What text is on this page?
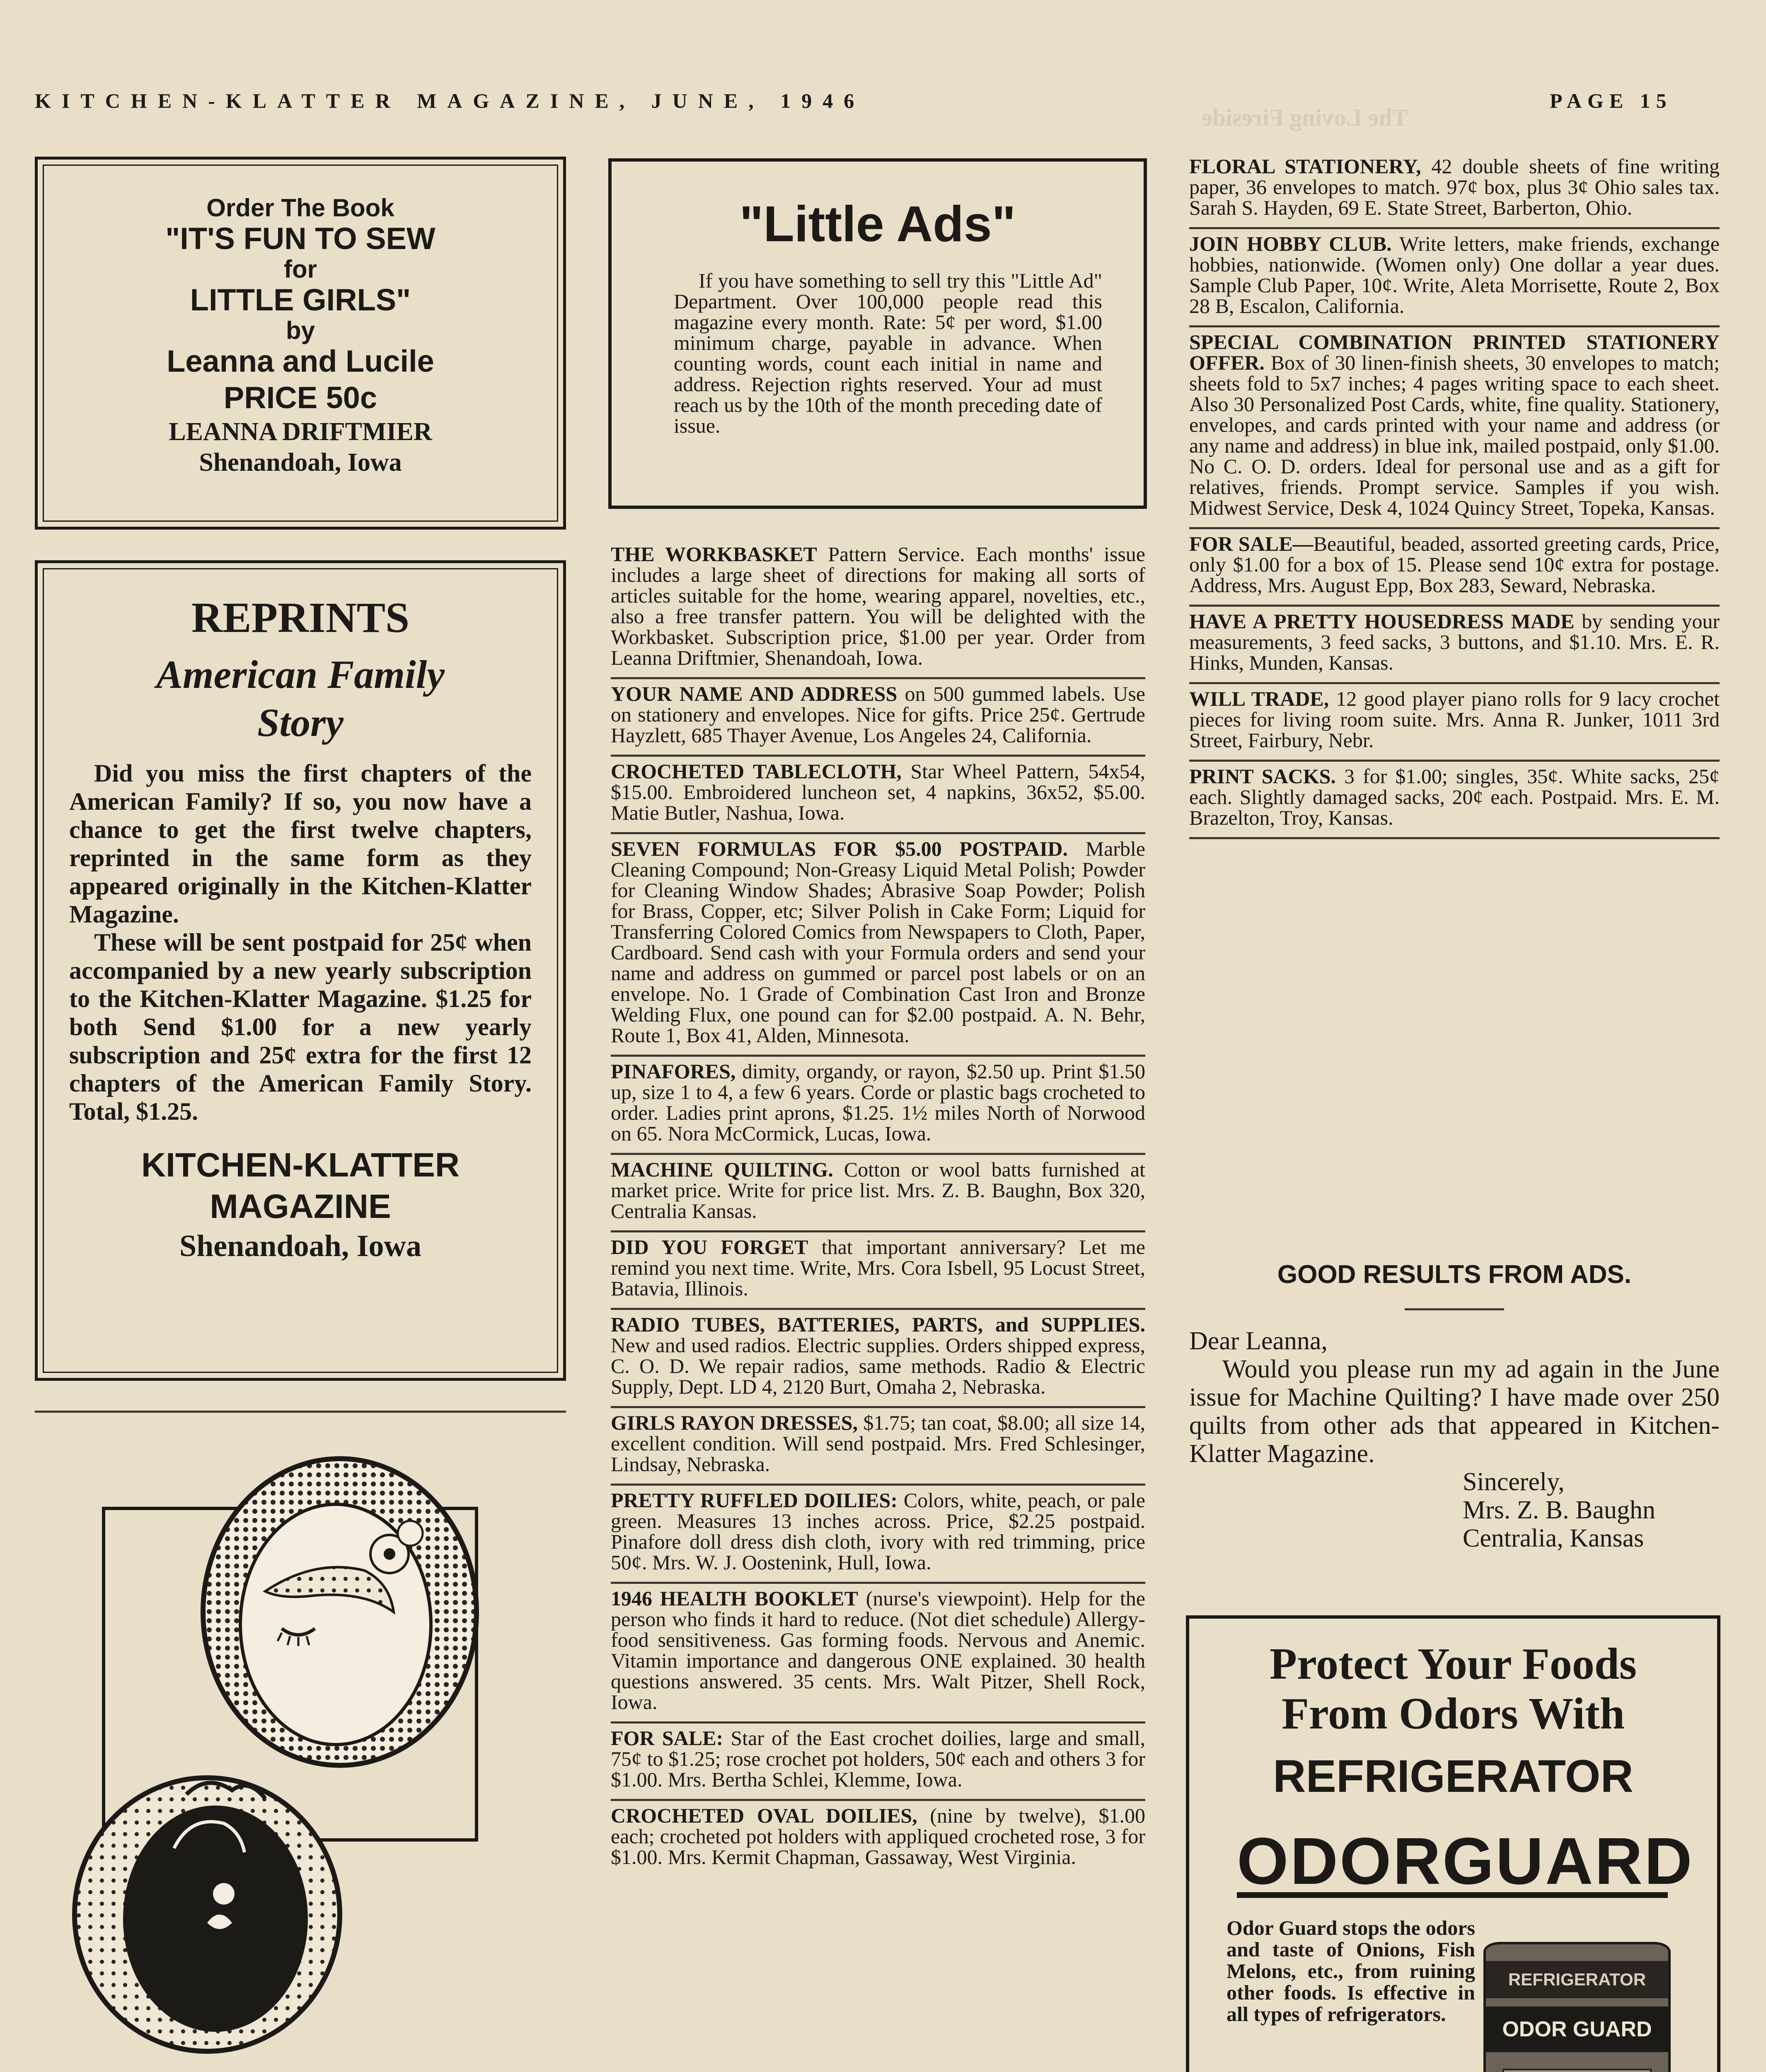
KITCHEN-KLATTER MAGAZINE, JUNE, 1946	PAGE 15
The Loving Fireside
Order The Book
"IT'S FUN TO SEW
for
LITTLE GIRLS"
by
Leanna and Lucile
PRICE 50c
LEANNA DRIFTMIER
Shenandoah, Iowa
REPRINTS
American Family
Story

Did you miss the first chapters of the American Family? If so, you now have a chance to get the first twelve chapters, reprinted in the same form as they appeared originally in the Kitchen-Klatter Magazine.

These will be sent postpaid for 25¢ when accompanied by a new yearly subscription to the Kitchen-Klatter Magazine. $1.25 for both Send $1.00 for a new yearly subscription and 25¢ extra for the first 12 chapters of the American Family Story. Total, $1.25.

KITCHEN-KLATTER
MAGAZINE
Shenandoah, Iowa

"Little Ads"

If you have something to sell try this "Little Ad" Department. Over 100,000 people read this magazine every month. Rate: 5¢ per word, $1.00 minimum charge, payable in advance. When counting words, count each initial in name and address. Rejection rights reserved. Your ad must reach us by the 10th of the month preceding date of issue.

THE WORKBASKET Pattern Service. Each months' issue includes a large sheet of directions for making all sorts of articles suitable for the home, wearing apparel, novelties, etc., also a free transfer pattern. You will be delighted with the Workbasket. Subscription price, $1.00 per year. Order from Leanna Driftmier, Shenandoah, Iowa.

YOUR NAME AND ADDRESS on 500 gummed labels. Use on stationery and envelopes. Nice for gifts. Price 25¢. Gertrude Hayzlett, 685 Thayer Avenue, Los Angeles 24, California.

CROCHETED TABLECLOTH, Star Wheel Pattern, 54x54, $15.00. Embroidered luncheon set, 4 napkins, 36x52, $5.00. Matie Butler, Nashua, Iowa.

SEVEN FORMULAS FOR $5.00 POSTPAID. Marble Cleaning Compound; Non-Greasy Liquid Metal Polish; Powder for Cleaning Window Shades; Abrasive Soap Powder; Polish for Brass, Copper, etc; Silver Polish in Cake Form; Liquid for Transferring Colored Comics from Newspapers to Cloth, Paper, Cardboard. Send cash with your Formula orders and send your name and address on gummed or parcel post labels or on an envelope. No. 1 Grade of Combination Cast Iron and Bronze Welding Flux, one pound can for $2.00 postpaid. A. N. Behr, Route 1, Box 41, Alden, Minnesota.

PINAFORES, dimity, organdy, or rayon, $2.50 up. Print $1.50 up, size 1 to 4, a few 6 years. Corde or plastic bags crocheted to order. Ladies print aprons, $1.25. 1½ miles North of Norwood on 65. Nora McCormick, Lucas, Iowa.

MACHINE QUILTING. Cotton or wool batts furnished at market price. Write for price list. Mrs. Z. B. Baughn, Box 320, Centralia Kansas.

DID YOU FORGET that important anniversary? Let me remind you next time. Write, Mrs. Cora Isbell, 95 Locust Street, Batavia, Illinois.

RADIO TUBES, BATTERIES, PARTS, and SUPPLIES. New and used radios. Electric supplies. Orders shipped express, C. O. D. We repair radios, same methods. Radio & Electric Supply, Dept. LD 4, 2120 Burt, Omaha 2, Nebraska.

GIRLS RAYON DRESSES, $1.75; tan coat, $8.00; all size 14, excellent condition. Will send postpaid. Mrs. Fred Schlesinger, Lindsay, Nebraska.

PRETTY RUFFLED DOILIES: Colors, white, peach, or pale green. Measures 13 inches across. Price, $2.25 postpaid. Pinafore doll dress dish cloth, ivory with red trimming, price 50¢. Mrs. W. J. Oostenink, Hull, Iowa.

1946 HEALTH BOOKLET (nurse's viewpoint). Help for the person who finds it hard to reduce. (Not diet schedule) Allergy-food sensitiveness. Gas forming foods. Nervous and Anemic. Vitamin importance and dangerous ONE explained. 30 health questions answered. 35 cents. Mrs. Walt Pitzer, Shell Rock, Iowa.

FOR SALE: Star of the East crochet doilies, large and small, 75¢ to $1.25; rose crochet pot holders, 50¢ each and others 3 for $1.00. Mrs. Bertha Schlei, Klemme, Iowa.

CROCHETED OVAL DOILIES, (nine by twelve), $1.00 each; crocheted pot holders with appliqued crocheted rose, 3 for $1.00. Mrs. Kermit Chapman, Gassaway, West Virginia.

FLORAL STATIONERY, 42 double sheets of fine writing paper, 36 envelopes to match. 97¢ box, plus 3¢ Ohio sales tax. Sarah S. Hayden, 69 E. State Street, Barberton, Ohio.

JOIN HOBBY CLUB. Write letters, make friends, exchange hobbies, nationwide. (Women only) One dollar a year dues. Sample Club Paper, 10¢. Write, Aleta Morrisette, Route 2, Box 28 B, Escalon, California.

SPECIAL COMBINATION PRINTED STATIONERY OFFER. Box of 30 linen-finish sheets, 30 envelopes to match; sheets fold to 5x7 inches; 4 pages writing space to each sheet. Also 30 Personalized Post Cards, white, fine quality. Stationery, envelopes, and cards printed with your name and address (or any name and address) in blue ink, mailed postpaid, only $1.00. No C. O. D. orders. Ideal for personal use and as a gift for relatives, friends. Prompt service. Samples if you wish. Midwest Service, Desk 4, 1024 Quincy Street, Topeka, Kansas.

FOR SALE—Beautiful, beaded, assorted greeting cards, Price, only $1.00 for a box of 15. Please send 10¢ extra for postage. Address, Mrs. August Epp, Box 283, Seward, Nebraska.

HAVE A PRETTY HOUSEDRESS MADE by sending your measurements, 3 feed sacks, 3 buttons, and $1.10. Mrs. E. R. Hinks, Munden, Kansas.

WILL TRADE, 12 good player piano rolls for 9 lacy crochet pieces for living room suite. Mrs. Anna R. Junker, 1011 3rd Street, Fairbury, Nebr.

PRINT SACKS. 3 for $1.00; singles, 35¢. White sacks, 25¢ each. Slightly damaged sacks, 20¢ each. Postpaid. Mrs. E. M. Brazelton, Troy, Kansas.

GOOD RESULTS FROM ADS.
Dear Leanna,

Would you please run my ad again in the June issue for Machine Quilting? I have made over 250 quilts from other ads that appeared in Kitchen-Klatter Magazine.

Sincerely,
Mrs. Z. B. Baughn
Centralia, Kansas
Protect Your Foods
From Odors With
REFRIGERATOR
ODORGUARD

Odor Guard stops the odors and taste of Onions, Fish Melons, etc., from ruining other foods. Is effective in all types of refrigerators.

REFRIGERATOR
ODOR GUARD
